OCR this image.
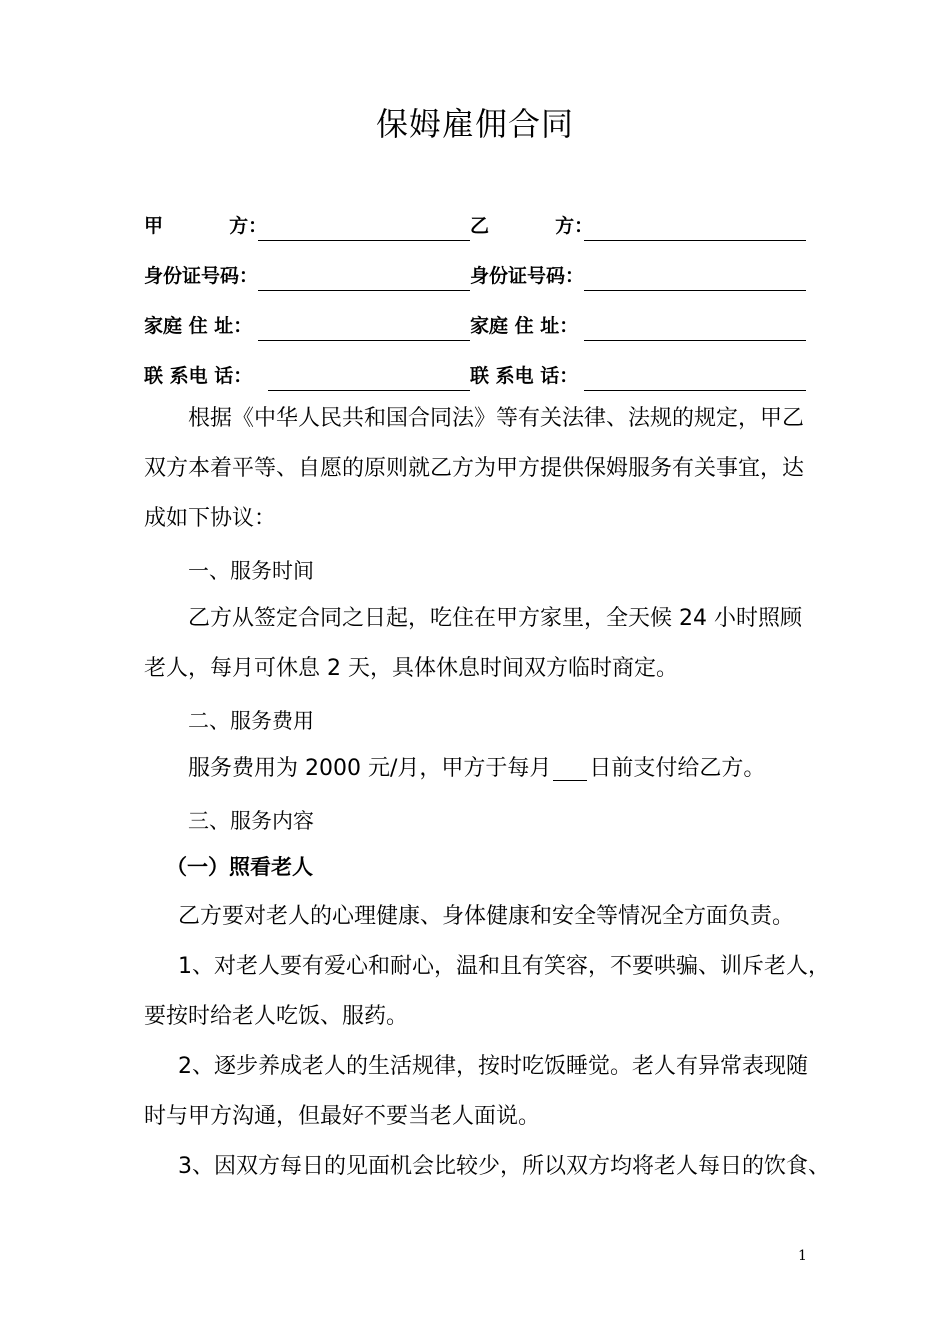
保姆雇佣合同
甲          方：	乙          方：
身份证号码：	身份证号码：
家庭 住 址：	家庭 住 址：
联 系电 话：	联 系电 话：
根据《中华人民共和国合同法》等有关法律、法规的规定，甲乙
双方本着平等、自愿的原则就乙方为甲方提供保姆服务有关事宜，达
成如下协议：
一、服务时间
乙方从签定合同之日起，吃住在甲方家里，全天候 24 小时照顾
老人，每月可休息 2 天，具体休息时间双方临时商定。
二、服务费用
服务费用为 2000 元/月，甲方于每月 日前支付给乙方。
三、服务内容
（一）照看老人
乙方要对老人的心理健康、身体健康和安全等情况全方面负责。
1、对老人要有爱心和耐心，温和且有笑容，不要哄骗、训斥老人，
要按时给老人吃饭、服药。
2、逐步养成老人的生活规律，按时吃饭睡觉。老人有异常表现随
时与甲方沟通，但最好不要当老人面说。
3、因双方每日的见面机会比较少，所以双方均将老人每日的饮食、
1
